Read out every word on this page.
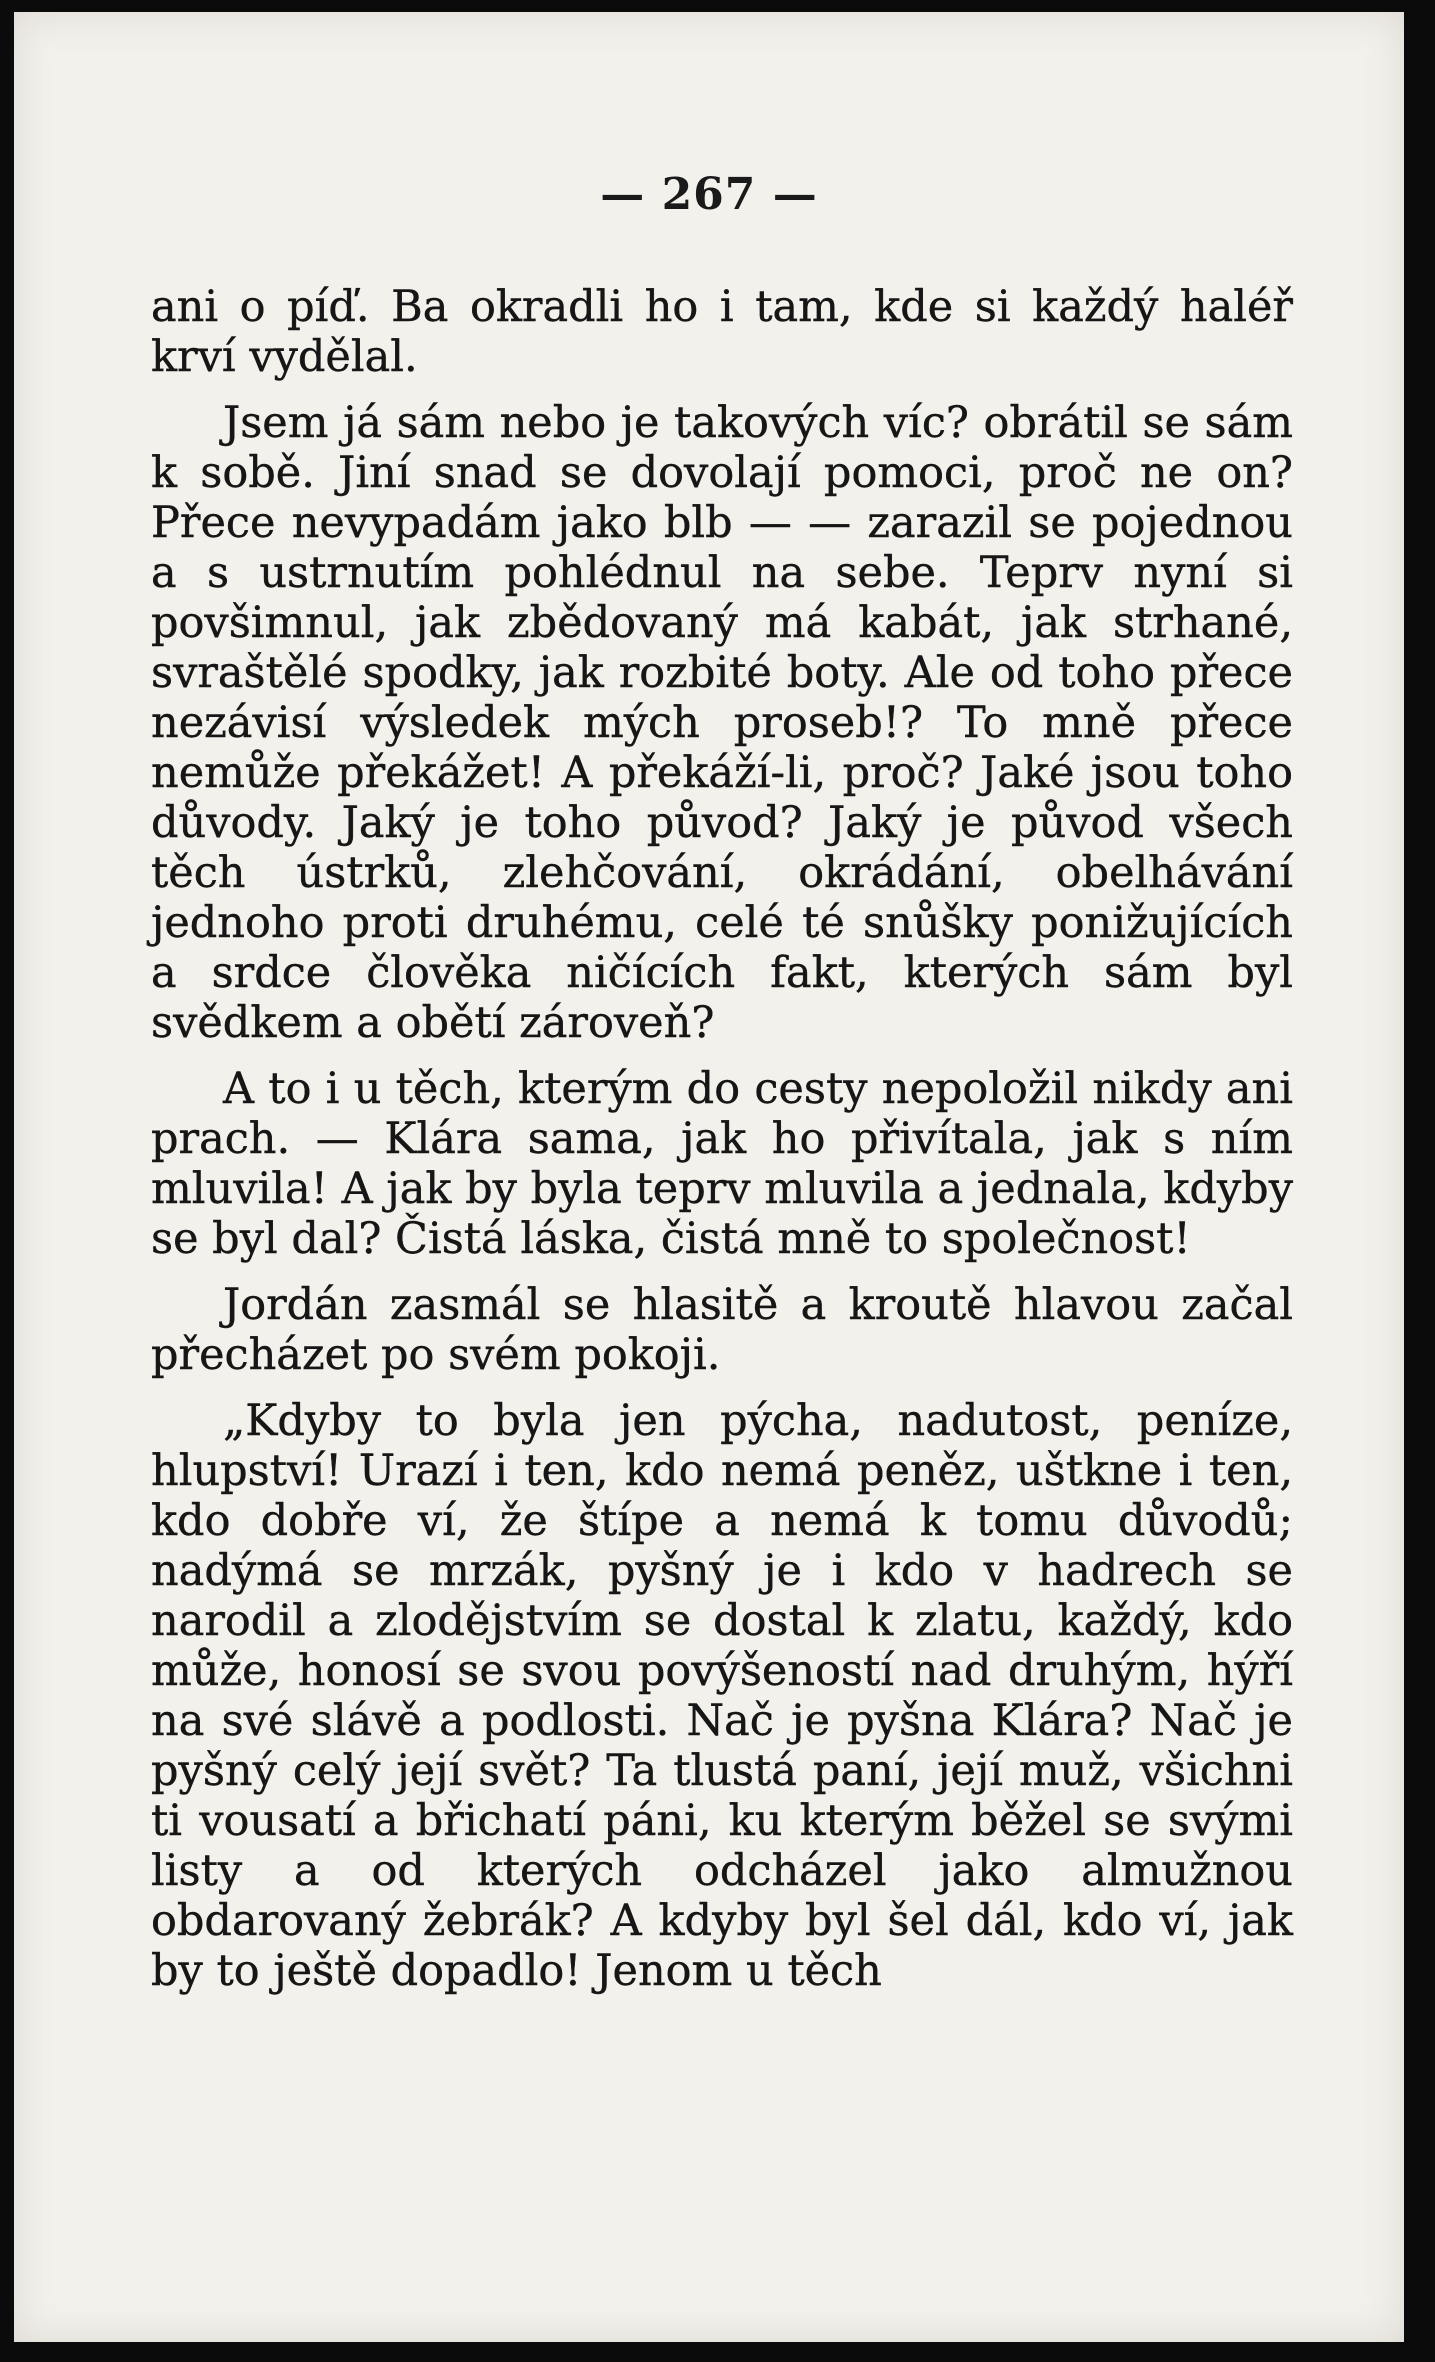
— 267 —

ani o píď. Ba okradli ho i tam, kde si každý haléř krví vydělal.

Jsem já sám nebo je takových víc? obrátil se sám k sobě. Jiní snad se dovolají pomoci, proč ne on? Přece nevypadám jako blb — — zarazil se pojednou a s ustrnutím pohlédnul na sebe. Teprv nyní si povšimnul, jak zbědovaný má kabát, jak strhané, svraštělé spodky, jak rozbité boty. Ale od toho přece nezávisí výsledek mých proseb!? To mně přece nemůže překážet! A překáží-li, proč? Jaké jsou toho důvody. Jaký je toho původ? Jaký je původ všech těch ústrků, zlehčování, okrádání, obelhávání jednoho proti druhému, celé té snůšky ponižujících a srdce člověka ničících fakt, kterých sám byl svědkem a obětí zároveň?

A to i u těch, kterým do cesty nepoložil nikdy ani prach. — Klára sama, jak ho přivítala, jak s ním mluvila! A jak by byla teprv mluvila a jednala, kdyby se byl dal? Čistá láska, čistá mně to společnost!

Jordán zasmál se hlasitě a kroutě hlavou začal přecházet po svém pokoji.

„Kdyby to byla jen pýcha, nadutost, peníze, hlupství! Urazí i ten, kdo nemá peněz, uštkne i ten, kdo dobře ví, že štípe a nemá k tomu důvodů; nadýmá se mrzák, pyšný je i kdo v hadrech se narodil a zlodějstvím se dostal k zlatu, každý, kdo může, honosí se svou povýšeností nad druhým, hýří na své slávě a podlosti. Nač je pyšna Klára? Nač je pyšný celý její svět? Ta tlustá paní, její muž, všichni ti vousatí a břichatí páni, ku kterým běžel se svými listy a od kterých odcházel jako almužnou obdarovaný žebrák? A kdyby byl šel dál, kdo ví, jak by to ještě dopadlo! Jenom u těch
